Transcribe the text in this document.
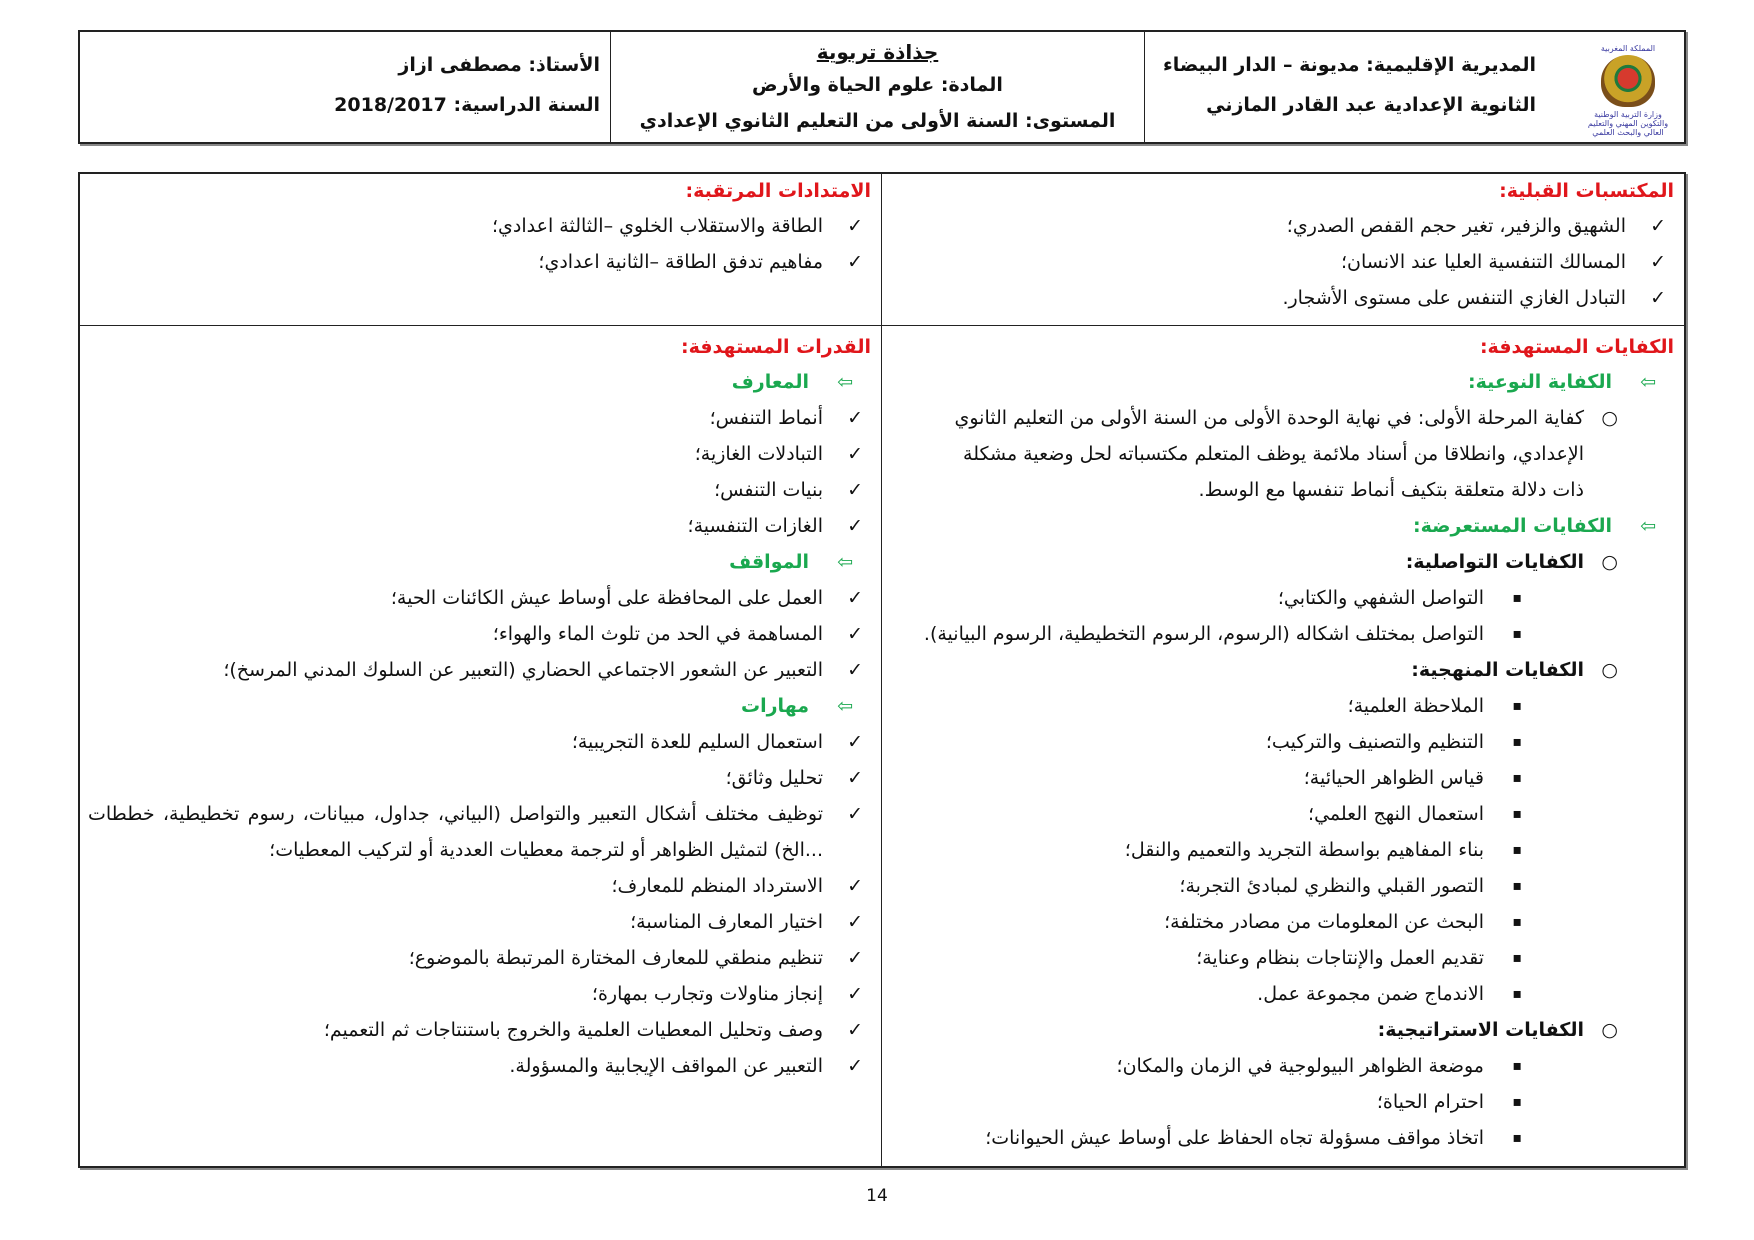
المملكة المغربية
وزارة التربية الوطنية والتكوين المهني والتعليم العالي والبحث العلمي
المديرية الإقليمية: مديونة – الدار البيضاء
الثانوية الإعدادية عبد القادر المازني
جذاذة تربوية
المادة: علوم الحياة والأرض
المستوى: السنة الأولى من التعليم الثانوي الإعدادي
الأستاذ: مصطفى ازاز
السنة الدراسية: 2018/2017
المكتسبات القبلية:
✓ الشهيق والزفير، تغير حجم القفص الصدري؛
✓ المسالك التنفسية العليا عند الانسان؛
✓ التبادل الغازي التنفس على مستوى الأشجار.
الامتدادات المرتقبة:
✓ الطاقة والاستقلاب الخلوي –الثالثة اعدادي؛
✓ مفاهيم تدفق الطاقة –الثانية اعدادي؛
الكفايات المستهدفة:
⇦ الكفاية النوعية:
○ كفاية المرحلة الأولى: في نهاية الوحدة الأولى من السنة الأولى من التعليم الثانوي
الإعدادي، وانطلاقا من أسناد ملائمة يوظف المتعلم مكتسباته لحل وضعية مشكلة
ذات دلالة متعلقة بتكيف أنماط تنفسها مع الوسط.
⇦ الكفايات المستعرضة:
○ الكفايات التواصلية:
▪ التواصل الشفهي والكتابي؛
▪ التواصل بمختلف اشكاله (الرسوم، الرسوم التخطيطية، الرسوم البيانية).
○ الكفايات المنهجية:
▪ الملاحظة العلمية؛
▪ التنظيم والتصنيف والتركيب؛
▪ قياس الظواهر الحيائية؛
▪ استعمال النهج العلمي؛
▪ بناء المفاهيم بواسطة التجريد والتعميم والنقل؛
▪ التصور القبلي والنظري لمبادئ التجربة؛
▪ البحث عن المعلومات من مصادر مختلفة؛
▪ تقديم العمل والإنتاجات بنظام وعناية؛
▪ الاندماج ضمن مجموعة عمل.
○ الكفايات الاستراتيجية:
▪ موضعة الظواهر البيولوجية في الزمان والمكان؛
▪ احترام الحياة؛
▪ اتخاذ مواقف مسؤولة تجاه الحفاظ على أوساط عيش الحيوانات؛
القدرات المستهدفة:
⇦ المعارف
✓ أنماط التنفس؛
✓ التبادلات الغازية؛
✓ بنيات التنفس؛
✓ الغازات التنفسية؛
⇦ المواقف
✓ العمل على المحافظة على أوساط عيش الكائنات الحية؛
✓ المساهمة في الحد من تلوث الماء والهواء؛
✓ التعبير عن الشعور الاجتماعي الحضاري (التعبير عن السلوك المدني المرسخ)؛
⇦ مهارات
✓ استعمال السليم للعدة التجريبية؛
✓ تحليل وثائق؛
✓ توظيف مختلف أشكال التعبير والتواصل (البياني، جداول، مبيانات، رسوم تخطيطية، خططات ...الخ) لتمثيل الظواهر أو لترجمة معطيات العددية أو لتركيب المعطيات؛
✓ الاسترداد المنظم للمعارف؛
✓ اختيار المعارف المناسبة؛
✓ تنظيم منطقي للمعارف المختارة المرتبطة بالموضوع؛
✓ إنجاز مناولات وتجارب بمهارة؛
✓ وصف وتحليل المعطيات العلمية والخروج باستنتاجات ثم التعميم؛
✓ التعبير عن المواقف الإيجابية والمسؤولة.
14
